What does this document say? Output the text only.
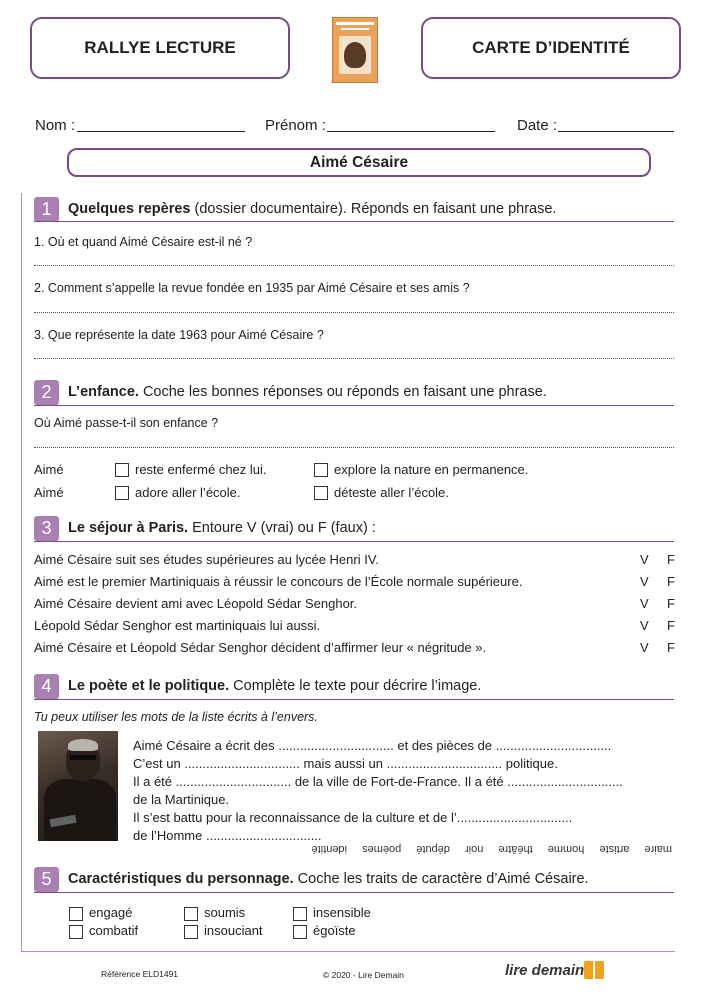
RALLYE LECTURE	CARTE D’IDENTITÉ
Nom :	Prénom :	Date :
Aimé Césaire
1	Quelques repères (dossier documentaire). Réponds en faisant une phrase.
1. Où et quand Aimé Césaire est-il né ?
2. Comment s’appelle la revue fondée en 1935 par Aimé Césaire et ses amis ?
3. Que représente la date 1963 pour Aimé Césaire ?
2	L’enfance. Coche les bonnes réponses ou réponds en faisant une phrase.
Où Aimé passe-t-il son enfance ?
Aimé	reste enfermé chez lui.	explore la nature en permanence.
Aimé	adore aller l’école.	déteste aller l’école.
3	Le séjour à Paris. Entoure V (vrai) ou F (faux) :
Aimé Césaire suit ses études supérieures au lycée Henri IV.	V F
Aimé est le premier Martiniquais à réussir le concours de l’École normale supérieure.	V F
Aimé Césaire devient ami avec Léopold Sédar Senghor.	V F
Léopold Sédar Senghor est martiniquais lui aussi.	V F
Aimé Césaire et Léopold Sédar Senghor décident d’affirmer leur « négritude ».	V F
4	Le poète et le politique. Complète le texte pour décrire l’image.
Tu peux utiliser les mots de la liste écrits à l’envers.
Aimé Césaire a écrit des ................................ et des pièces de ................................
C’est un ................................ mais aussi un ................................ politique.
Il a été ................................ de la ville de Fort-de-France. Il a été ................................
de la Martinique.
Il s’est battu pour la reconnaissance de la culture et de l’................................
de l’Homme ................................
maire artiste homme théâtre noir député poèmes identité
5	Caractéristiques du personnage. Coche les traits de caractère d’Aimé Césaire.
engagé	soumis	insensible
combatif	insouciant	égoïste
Référence ELD1491	© 2020 - Lire Demain	lire demain
